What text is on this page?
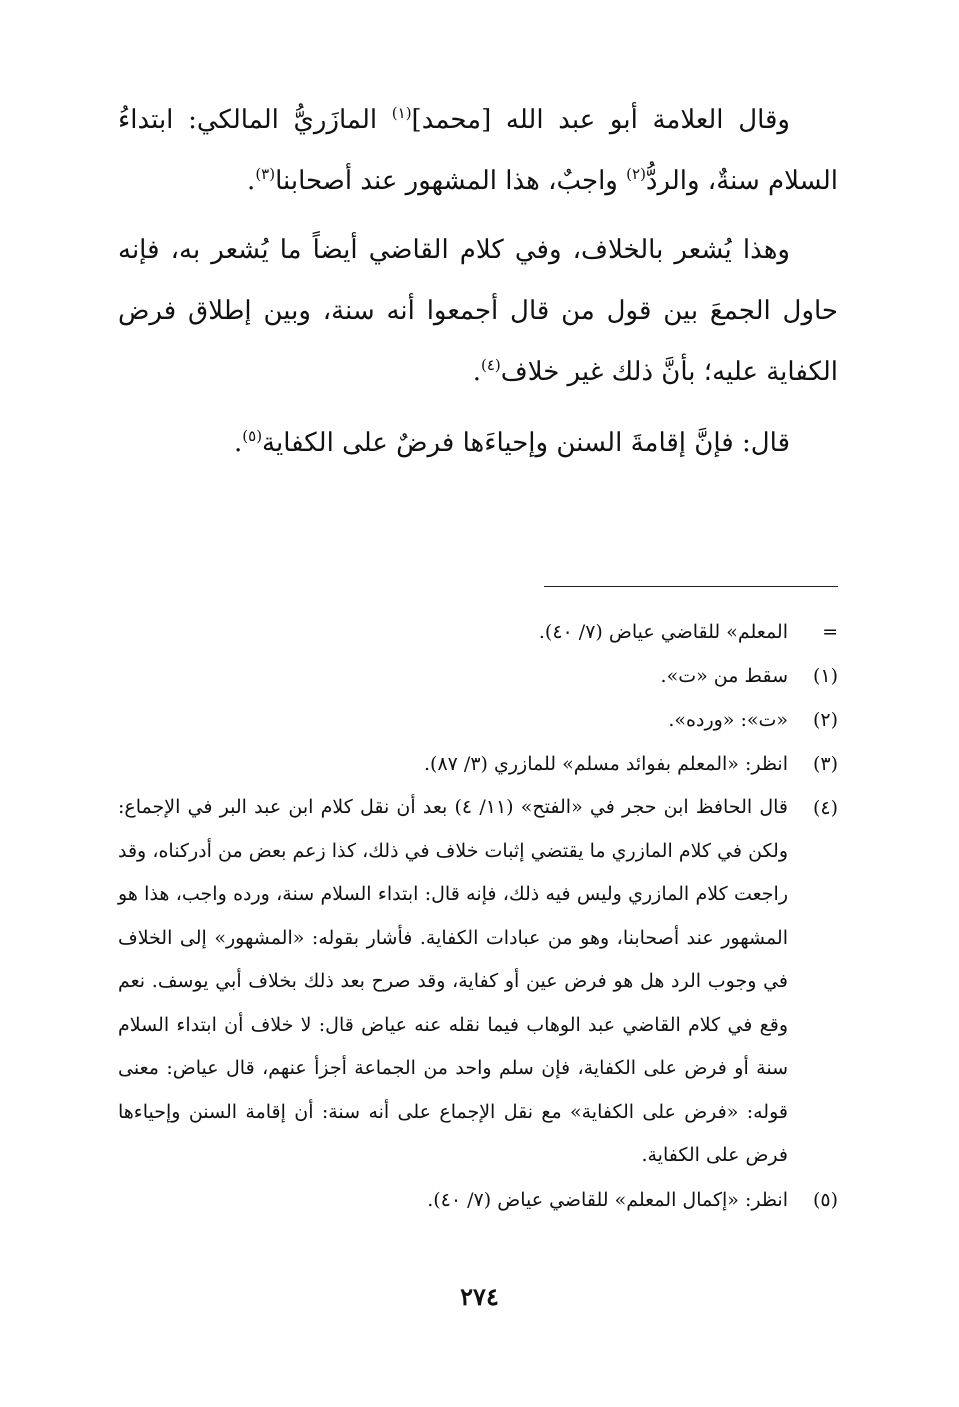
وقال العلامة أبو عبد الله [محمد]$^{(١)}$ المازَريُّ المالكي: ابتداءُ السلام سنةٌ، والردُّ$^{(٢)}$ واجبٌ، هذا المشهور عند أصحابنا$^{(٣)}$.

وهذا يُشعر بالخلاف، وفي كلام القاضي أيضاً ما يُشعر به، فإنه حاول الجمعَ بين قول من قال أجمعوا أنه سنة، وبين إطلاق فرض الكفاية عليه؛ بأنَّ ذلك غير خلاف$^{(٤)}$.

قال: فإنَّ إقامةَ السنن وإحياءَها فرضٌ على الكفاية$^{(٥)}$.

=
المعلم» للقاضي عياض (٧/ ٤٠).
(١)
سقط من «ت».
(٢)
«ت»: «ورده».
(٣)
انظر: «المعلم بفوائد مسلم» للمازري (٣/ ٨٧).
(٤)
قال الحافظ ابن حجر في «الفتح» (١١/ ٤) بعد أن نقل كلام ابن عبد البر في الإجماع: ولكن في كلام المازري ما يقتضي إثبات خلاف في ذلك، كذا زعم بعض من أدركناه، وقد راجعت كلام المازري وليس فيه ذلك، فإنه قال: ابتداء السلام سنة، ورده واجب، هذا هو المشهور عند أصحابنا، وهو من عبادات الكفاية. فأشار بقوله: «المشهور» إلى الخلاف في وجوب الرد هل هو فرض عين أو كفاية، وقد صرح بعد ذلك بخلاف أبي يوسف. نعم وقع في كلام القاضي عبد الوهاب فيما نقله عنه عياض قال: لا خلاف أن ابتداء السلام سنة أو فرض على الكفاية، فإن سلم واحد من الجماعة أجزأ عنهم، قال عياض: معنى قوله: «فرض على الكفاية» مع نقل الإجماع على أنه سنة: أن إقامة السنن وإحياءها فرض على الكفاية.
(٥)
انظر: «إكمال المعلم» للقاضي عياض (٧/ ٤٠).
٢٧٤
